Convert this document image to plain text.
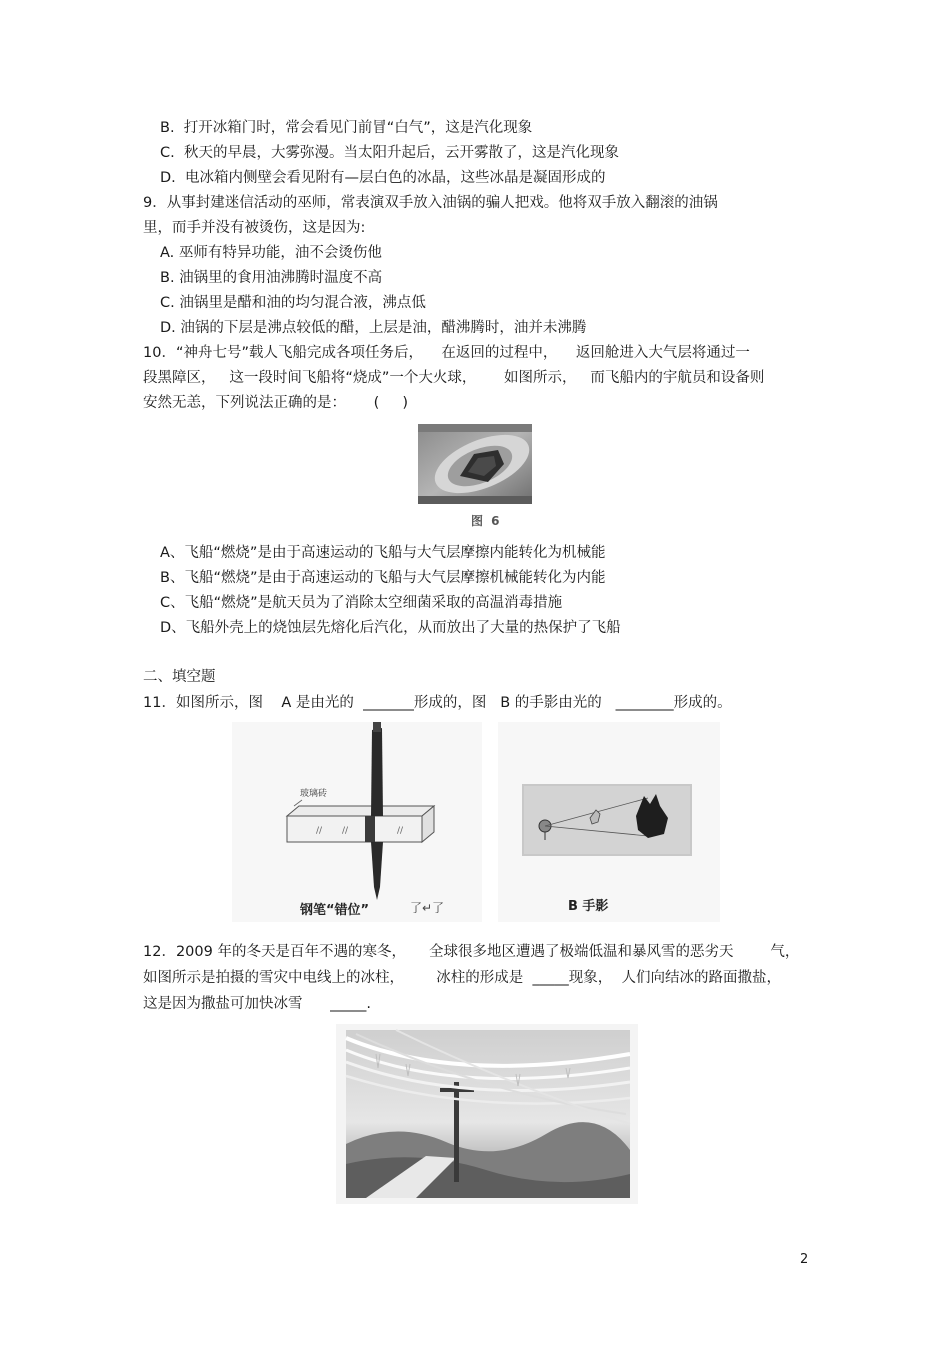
B.  打开冰箱门时，常会看见门前冒“白气”，这是汽化现象
C.  秋天的早晨，大雾弥漫。当太阳升起后，云开雾散了，这是汽化现象
D.  电冰箱内侧壁会看见附有—层白色的冰晶，这些冰晶是凝固形成的
9．从事封建迷信活动的巫师，常表演双手放入油锅的骗人把戏。他将双手放入翻滚的油锅
里，而手并没有被烫伤，这是因为:
A. 巫师有特异功能，油不会烫伤他
B. 油锅里的食用油沸腾时温度不高
C. 油锅里是醋和油的均匀混合液，沸点低
D. 油锅的下层是沸点较低的醋，上层是油，醋沸腾时，油并未沸腾
10．“神舟七号”载人飞船完成各项任务后，    在返回的过程中，    返回舱进入大气层将通过一
段黑障区，   这一段时间飞船将“烧成”一个大火球，      如图所示，   而飞船内的宇航员和设备则
安然无恙，下列说法正确的是：      (     )
图 6
A、飞船“燃烧”是由于高速运动的飞船与大气层摩擦内能转化为机械能
B、飞船“燃烧”是由于高速运动的飞船与大气层摩擦机械能转化为内能
C、飞船“燃烧”是航天员为了消除太空细菌采取的高温消毒措施
D、飞船外壳上的烧蚀层先熔化后汽化，从而放出了大量的热保护了飞船
二、填空题
11．如图所示，图    A 是由光的  _______形成的，图   B 的手影由光的   ________形成的。
// //	//
玻璃砖
钢笔“错位”	了↵了	B 手影
12．2009 年的冬天是百年不遇的寒冬，     全球很多地区遭遇了极端低温和暴风雪的恶劣天        气，
如图所示是拍摄的雪灾中电线上的冰柱，       冰柱的形成是  _____现象，  人们向结冰的路面撒盐，
这是因为撒盐可加快冰雪      _____.
2
